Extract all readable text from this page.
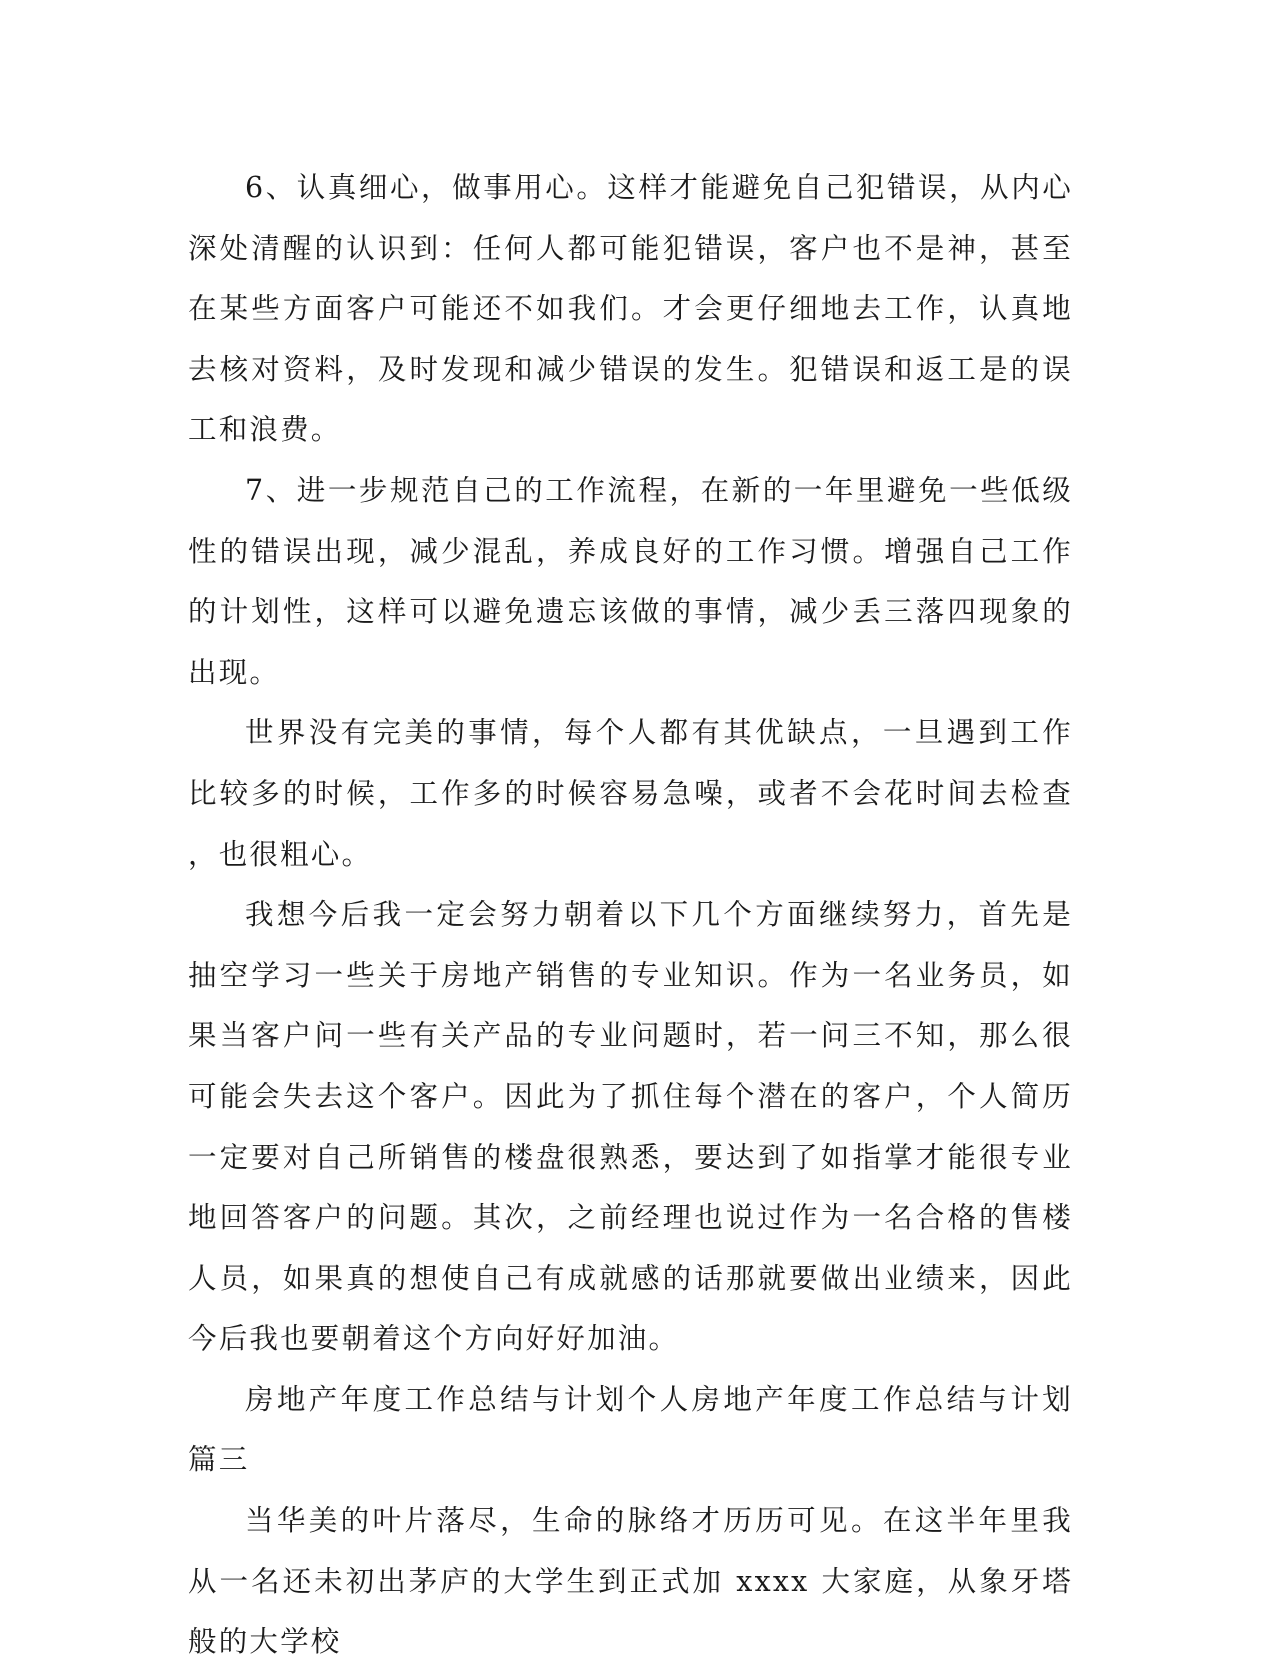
6、认真细心，做事用心。这样才能避免自己犯错误，从内心深处清醒的认识到：任何人都可能犯错误，客户也不是神，甚至在某些方面客户可能还不如我们。才会更仔细地去工作，认真地去核对资料，及时发现和减少错误的发生。犯错误和返工是的误工和浪费。

7、进一步规范自己的工作流程，在新的一年里避免一些低级性的错误出现，减少混乱，养成良好的工作习惯。增强自己工作的计划性，这样可以避免遗忘该做的事情，减少丢三落四现象的出现。

世界没有完美的事情，每个人都有其优缺点，一旦遇到工作比较多的时候，工作多的时候容易急噪，或者不会花时间去检查，也很粗心。

我想今后我一定会努力朝着以下几个方面继续努力，首先是抽空学习一些关于房地产销售的专业知识。作为一名业务员，如果当客户问一些有关产品的专业问题时，若一问三不知，那么很可能会失去这个客户。因此为了抓住每个潜在的客户，个人简历一定要对自己所销售的楼盘很熟悉，要达到了如指掌才能很专业地回答客户的问题。其次，之前经理也说过作为一名合格的售楼人员，如果真的想使自己有成就感的话那就要做出业绩来，因此今后我也要朝着这个方向好好加油。

房地产年度工作总结与计划个人房地产年度工作总结与计划篇三

当华美的叶片落尽，生命的脉络才历历可见。在这半年里我从一名还未初出茅庐的大学生到正式加 xxxx 大家庭，从象牙塔般的大学校
